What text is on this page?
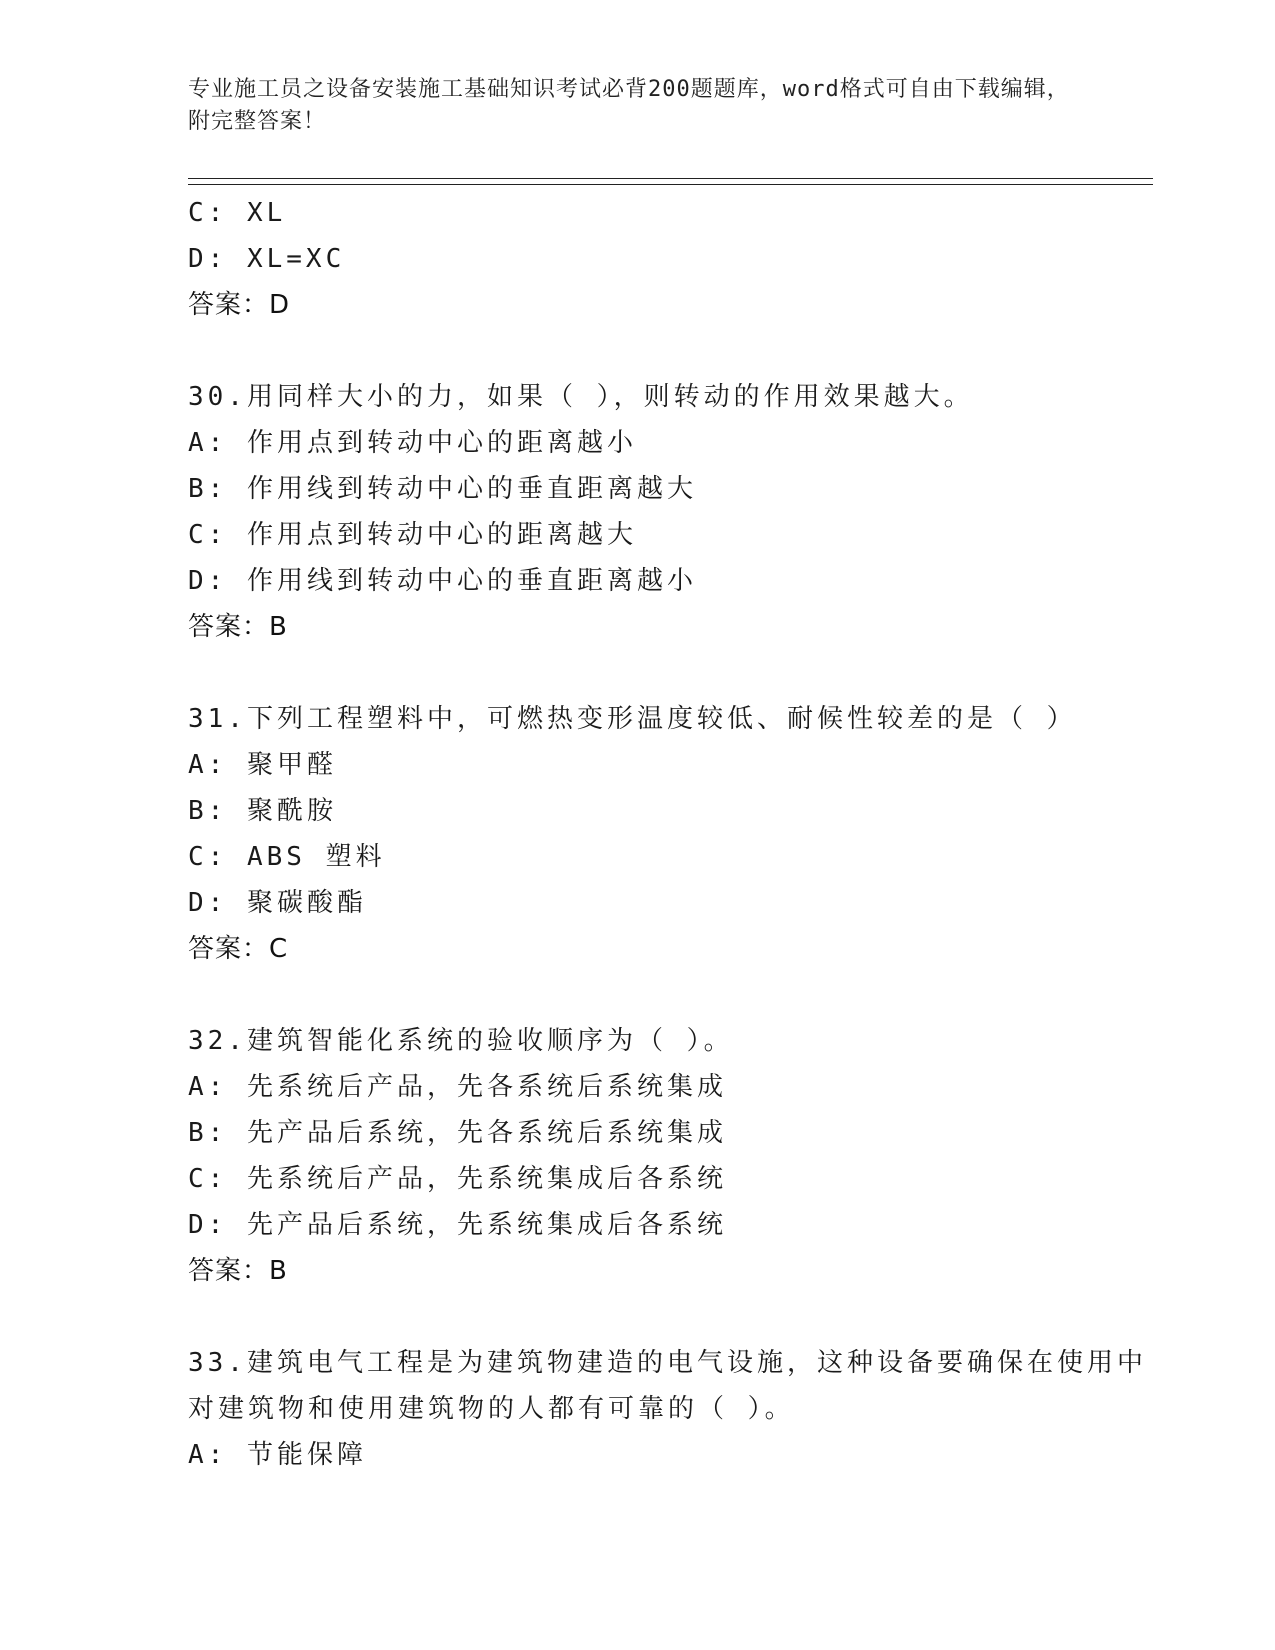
专业施工员之设备安装施工基础知识考试必背200题题库，word格式可自由下载编辑，附完整答案！
C: XL
D: XL=XC
答案：D
30.用同样大小的力，如果（ ），则转动的作用效果越大。
A: 作用点到转动中心的距离越小
B: 作用线到转动中心的垂直距离越大
C: 作用点到转动中心的距离越大
D: 作用线到转动中心的垂直距离越小
答案：B
31.下列工程塑料中，可燃热变形温度较低、耐候性较差的是（ ）
A: 聚甲醛
B: 聚酰胺
C: ABS 塑料
D: 聚碳酸酯
答案：C
32.建筑智能化系统的验收顺序为（ ）。
A: 先系统后产品，先各系统后系统集成
B: 先产品后系统，先各系统后系统集成
C: 先系统后产品，先系统集成后各系统
D: 先产品后系统，先系统集成后各系统
答案：B
33.建筑电气工程是为建筑物建造的电气设施，这种设备要确保在使用中对建筑物和使用建筑物的人都有可靠的（ ）。
A: 节能保障
